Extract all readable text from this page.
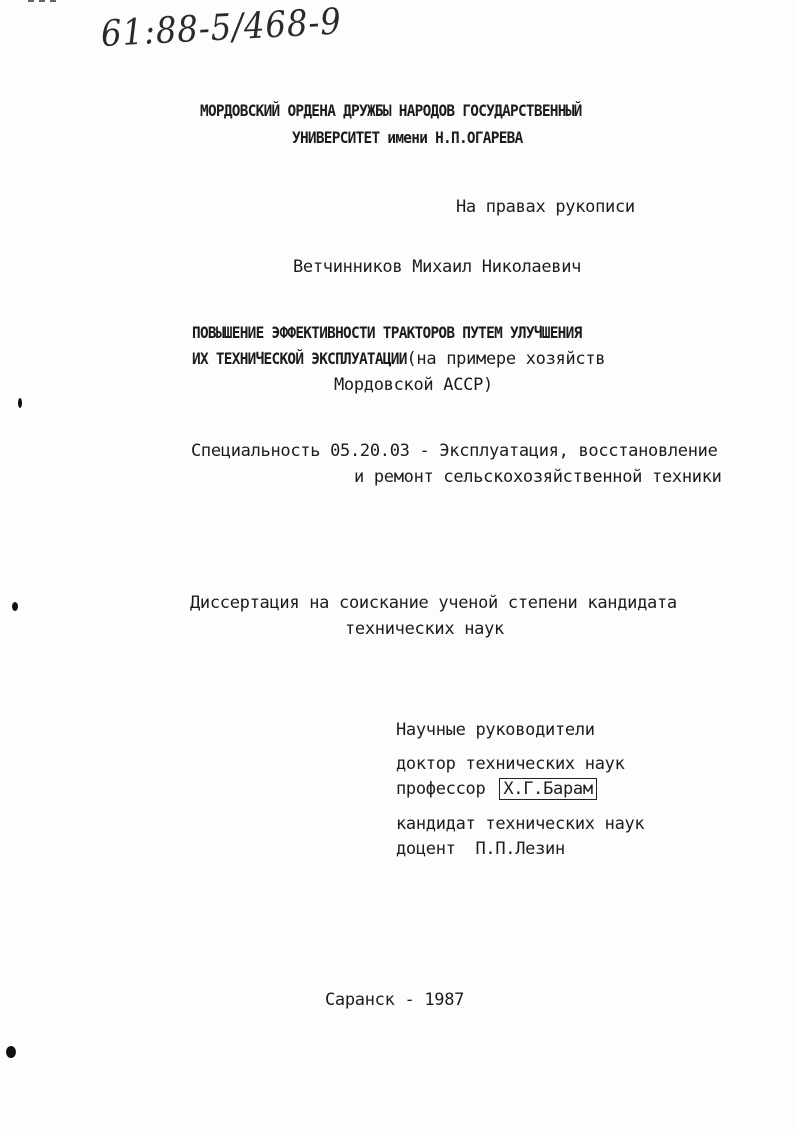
61:88-5/468-9
МОРДОВСКИЙ ОРДЕНА ДРУЖБЫ НАРОДОВ ГОСУДАРСТВЕННЫЙ
УНИВЕРСИТЕТ имени Н.П.ОГАРЕВА
На правах рукописи
Ветчинников Михаил Николаевич
ПОВЫШЕНИЕ ЭФФЕКТИВНОСТИ ТРАКТОРОВ ПУТЕМ УЛУЧШЕНИЯ
ИХ ТЕХНИЧЕСКОЙ ЭКСПЛУАТАЦИИ(на примере хозяйств
Мордовской АССР)
Специальность 05.20.03 - Эксплуатация, восстановление
и ремонт сельскохозяйственной техники
Диссертация на соискание ученой степени кандидата
технических наук
Научные руководители
доктор технических наук
профессор Х.Г.Барам
кандидат технических наук
доцент П.П.Лезин
Саранск - 1987
